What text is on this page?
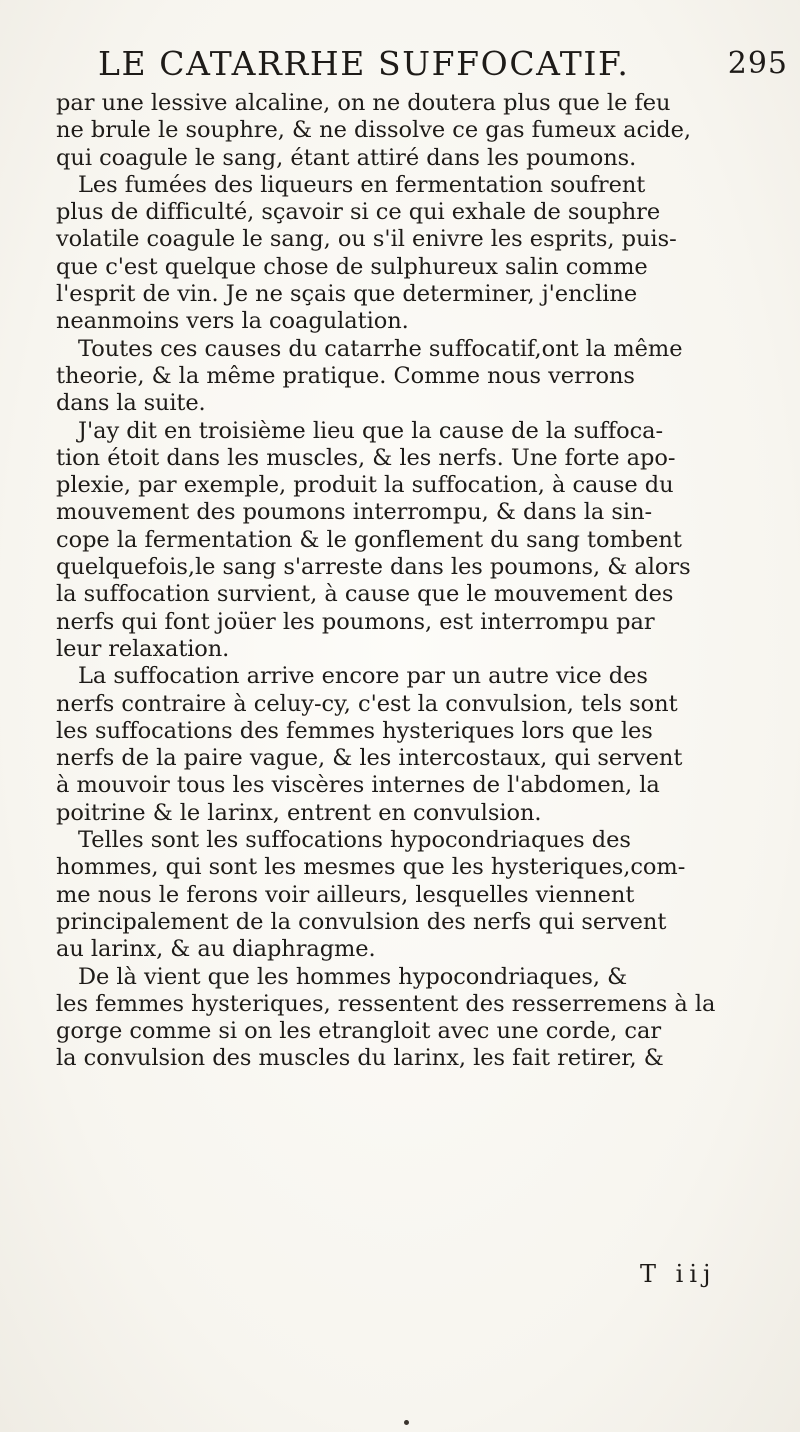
LE CATARRHE SUFFOCATIF.	295
par une lessive alcaline, on ne doutera plus que le feu
ne brule le souphre, & ne dissolve ce gas fumeux acide,
qui coagule le sang, étant attiré dans les poumons.
Les fumées des liqueurs en fermentation soufrent
plus de difficulté, sçavoir si ce qui exhale de souphre
volatile coagule le sang, ou s'il enivre les esprits, puis-
que c'est quelque chose de sulphureux salin comme
l'esprit de vin. Je ne sçais que determiner, j'encline
neanmoins vers la coagulation.
Toutes ces causes du catarrhe suffocatif,ont la même
theorie, & la même pratique. Comme nous verrons
dans la suite.
J'ay dit en troisième lieu que la cause de la suffoca-
tion étoit dans les muscles, & les nerfs. Une forte apo-
plexie, par exemple, produit la suffocation, à cause du
mouvement des poumons interrompu, & dans la sin-
cope la fermentation & le gonflement du sang tombent
quelquefois,le sang s'arreste dans les poumons, & alors
la suffocation survient, à cause que le mouvement des
nerfs qui font joüer les poumons, est interrompu par
leur relaxation.
La suffocation arrive encore par un autre vice des
nerfs contraire à celuy-cy, c'est la convulsion, tels sont
les suffocations des femmes hysteriques lors que les
nerfs de la paire vague, & les intercostaux, qui servent
à mouvoir tous les viscères internes de l'abdomen, la
poitrine & le larinx, entrent en convulsion.
Telles sont les suffocations hypocondriaques des
hommes, qui sont les mesmes que les hysteriques,com-
me nous le ferons voir ailleurs, lesquelles viennent
principalement de la convulsion des nerfs qui servent
au larinx, & au diaphragme.
De là vient que les hommes hypocondriaques, &
les femmes hysteriques, ressentent des resserremens à la
gorge comme si on les etrangloit avec une corde, car
la convulsion des muscles du larinx, les fait retirer, &
T iij
